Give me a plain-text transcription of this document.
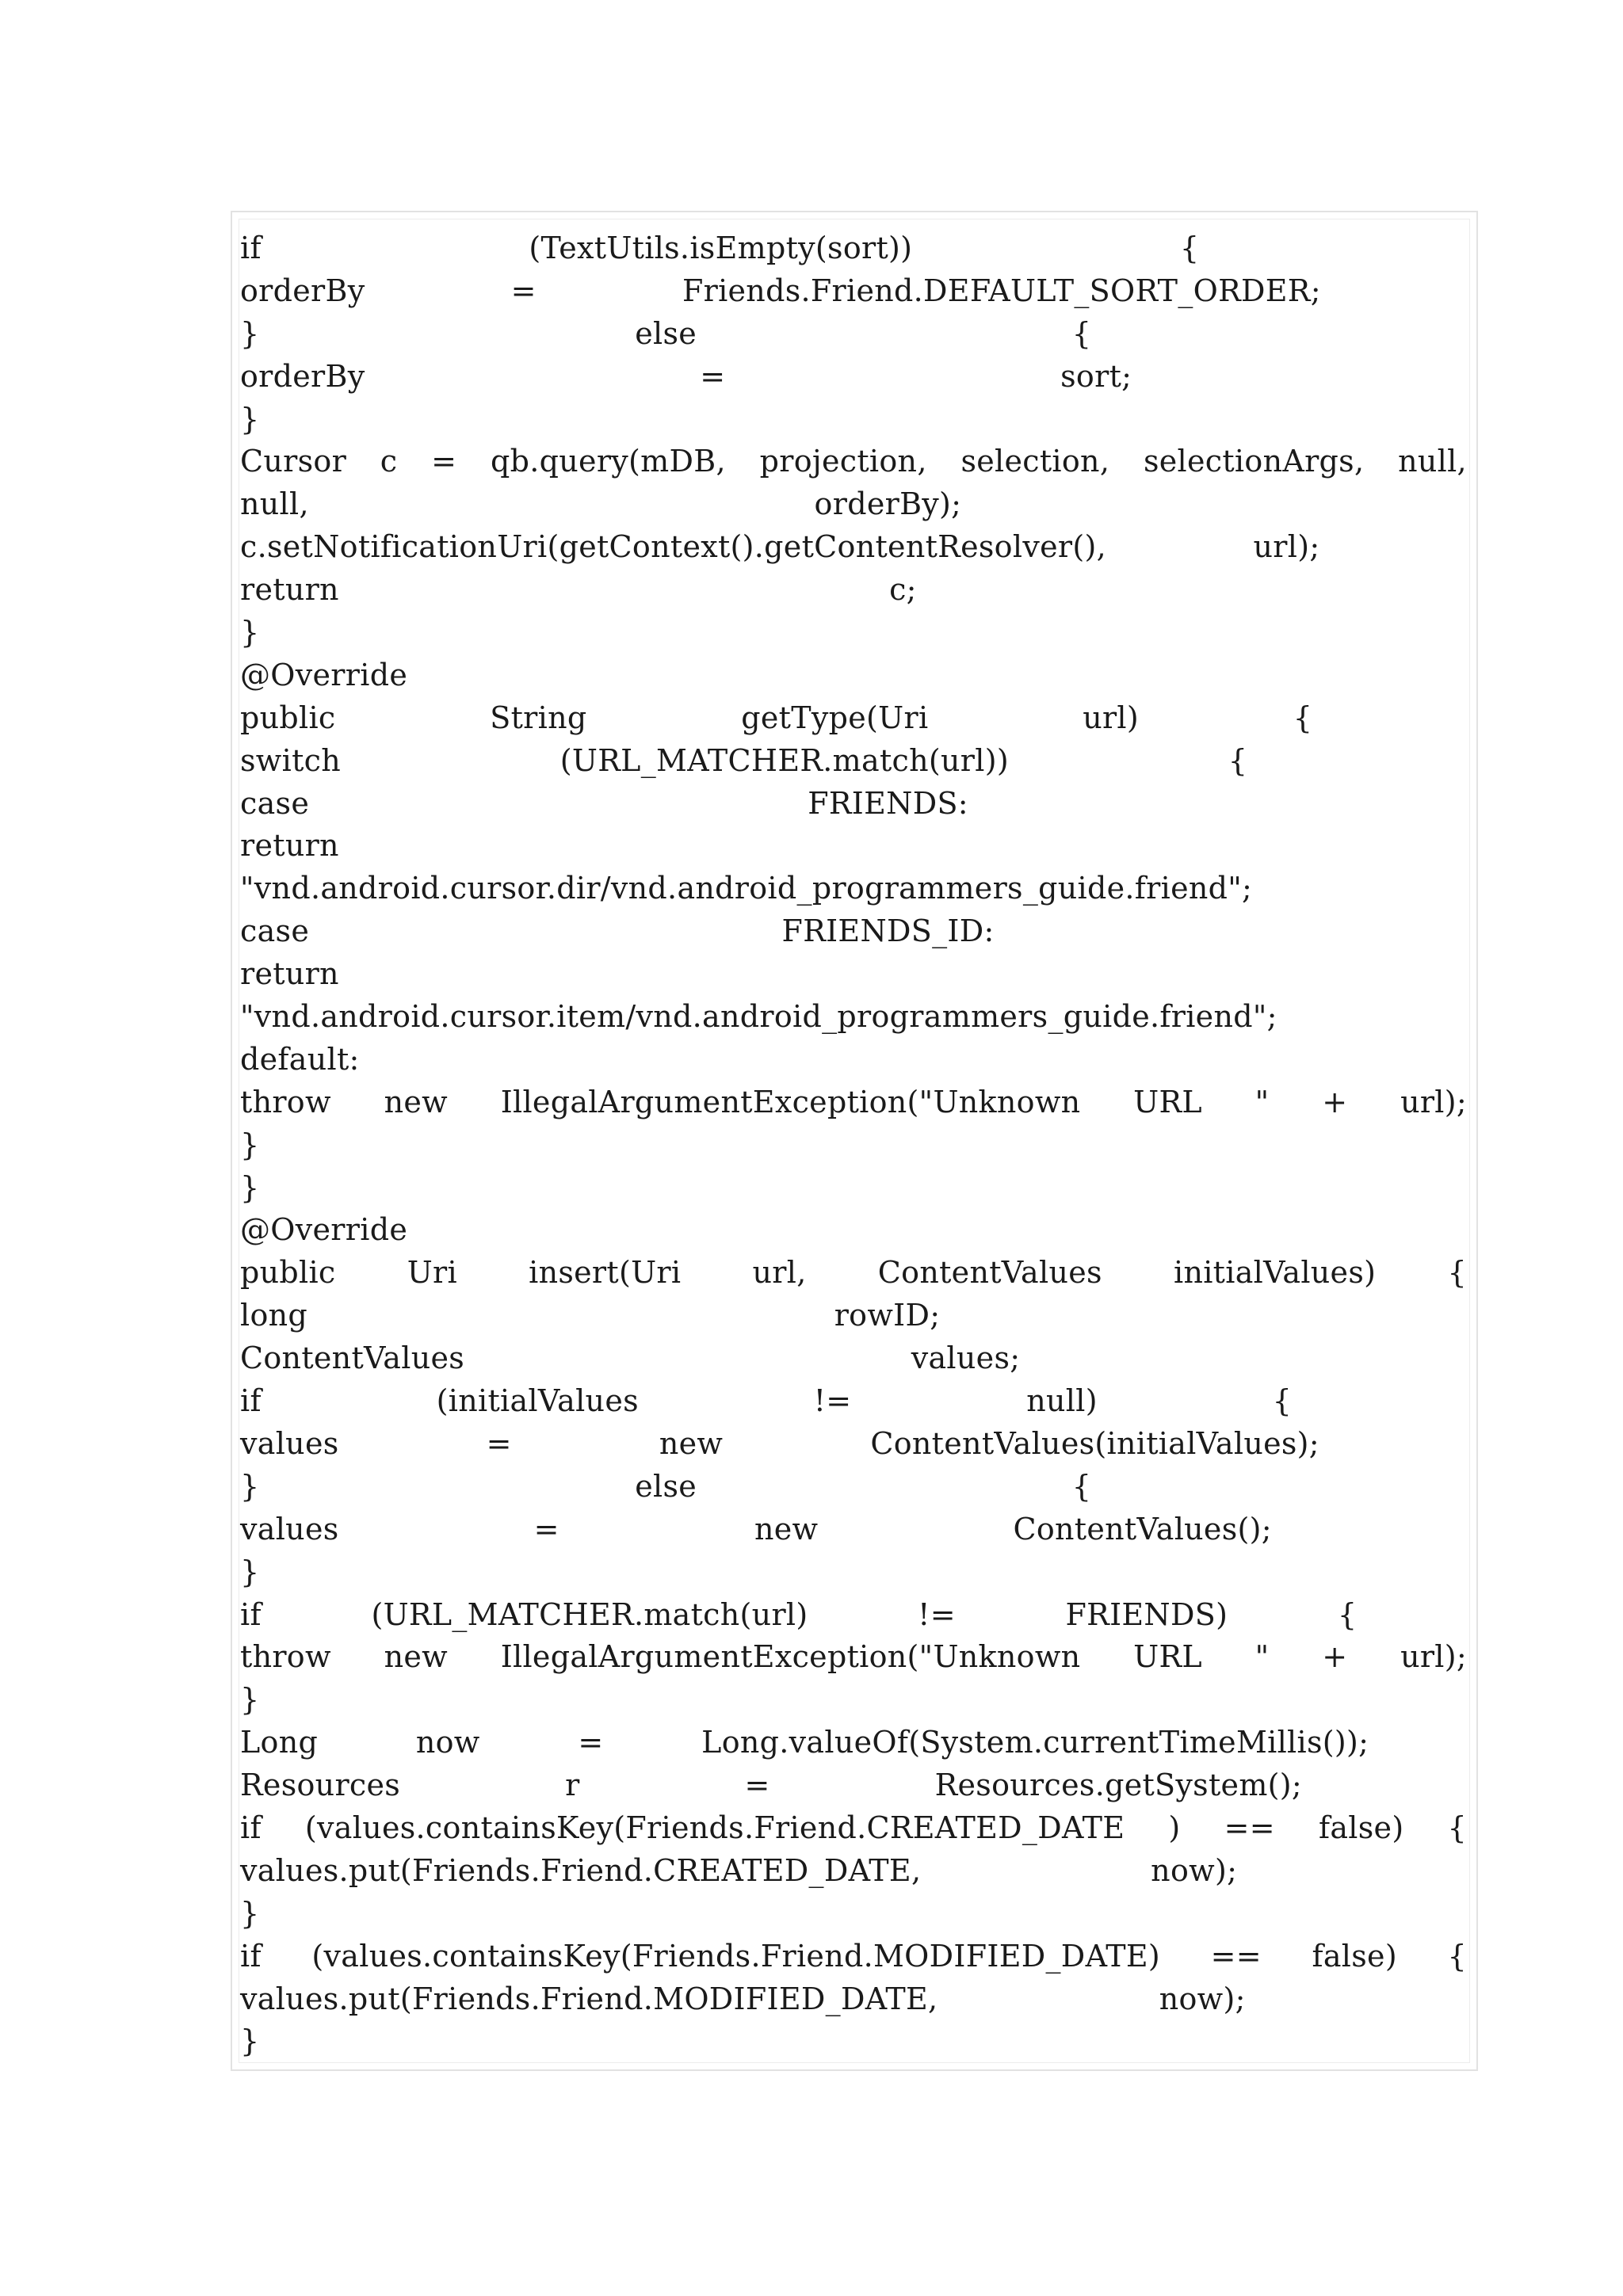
if	(TextUtils.isEmpty(sort))	{
orderBy	=	Friends.Friend.DEFAULT_SORT_ORDER;
}	else	{
orderBy	=	sort;
}
Cursor c = qb.query(mDB, projection, selection, selectionArgs, null,
null,	orderBy);
c.setNotificationUri(getContext().getContentResolver(),	url);
return	c;
}
@Override
public	String	getType(Uri	url)	{
switch	(URL_MATCHER.match(url))	{
case	FRIENDS:
return
"vnd.android.cursor.dir/vnd.android_programmers_guide.friend";
case	FRIENDS_ID:
return
"vnd.android.cursor.item/vnd.android_programmers_guide.friend";
default:
throw new IllegalArgumentException("Unknown URL " + url);
}
}
@Override
public Uri insert(Uri url, ContentValues initialValues) {
long	rowID;
ContentValues	values;
if	(initialValues	!=	null)	{
values	=	new	ContentValues(initialValues);
}	else	{
values	=	new	ContentValues();
}
if	(URL_MATCHER.match(url)	!=	FRIENDS)	{
throw new IllegalArgumentException("Unknown URL " + url);
}
Long	now	=	Long.valueOf(System.currentTimeMillis());
Resources	r	=	Resources.getSystem();
if (values.containsKey(Friends.Friend.CREATED_DATE ) == false) {
values.put(Friends.Friend.CREATED_DATE,	now);
}
if (values.containsKey(Friends.Friend.MODIFIED_DATE) == false) {
values.put(Friends.Friend.MODIFIED_DATE,	now);
}
